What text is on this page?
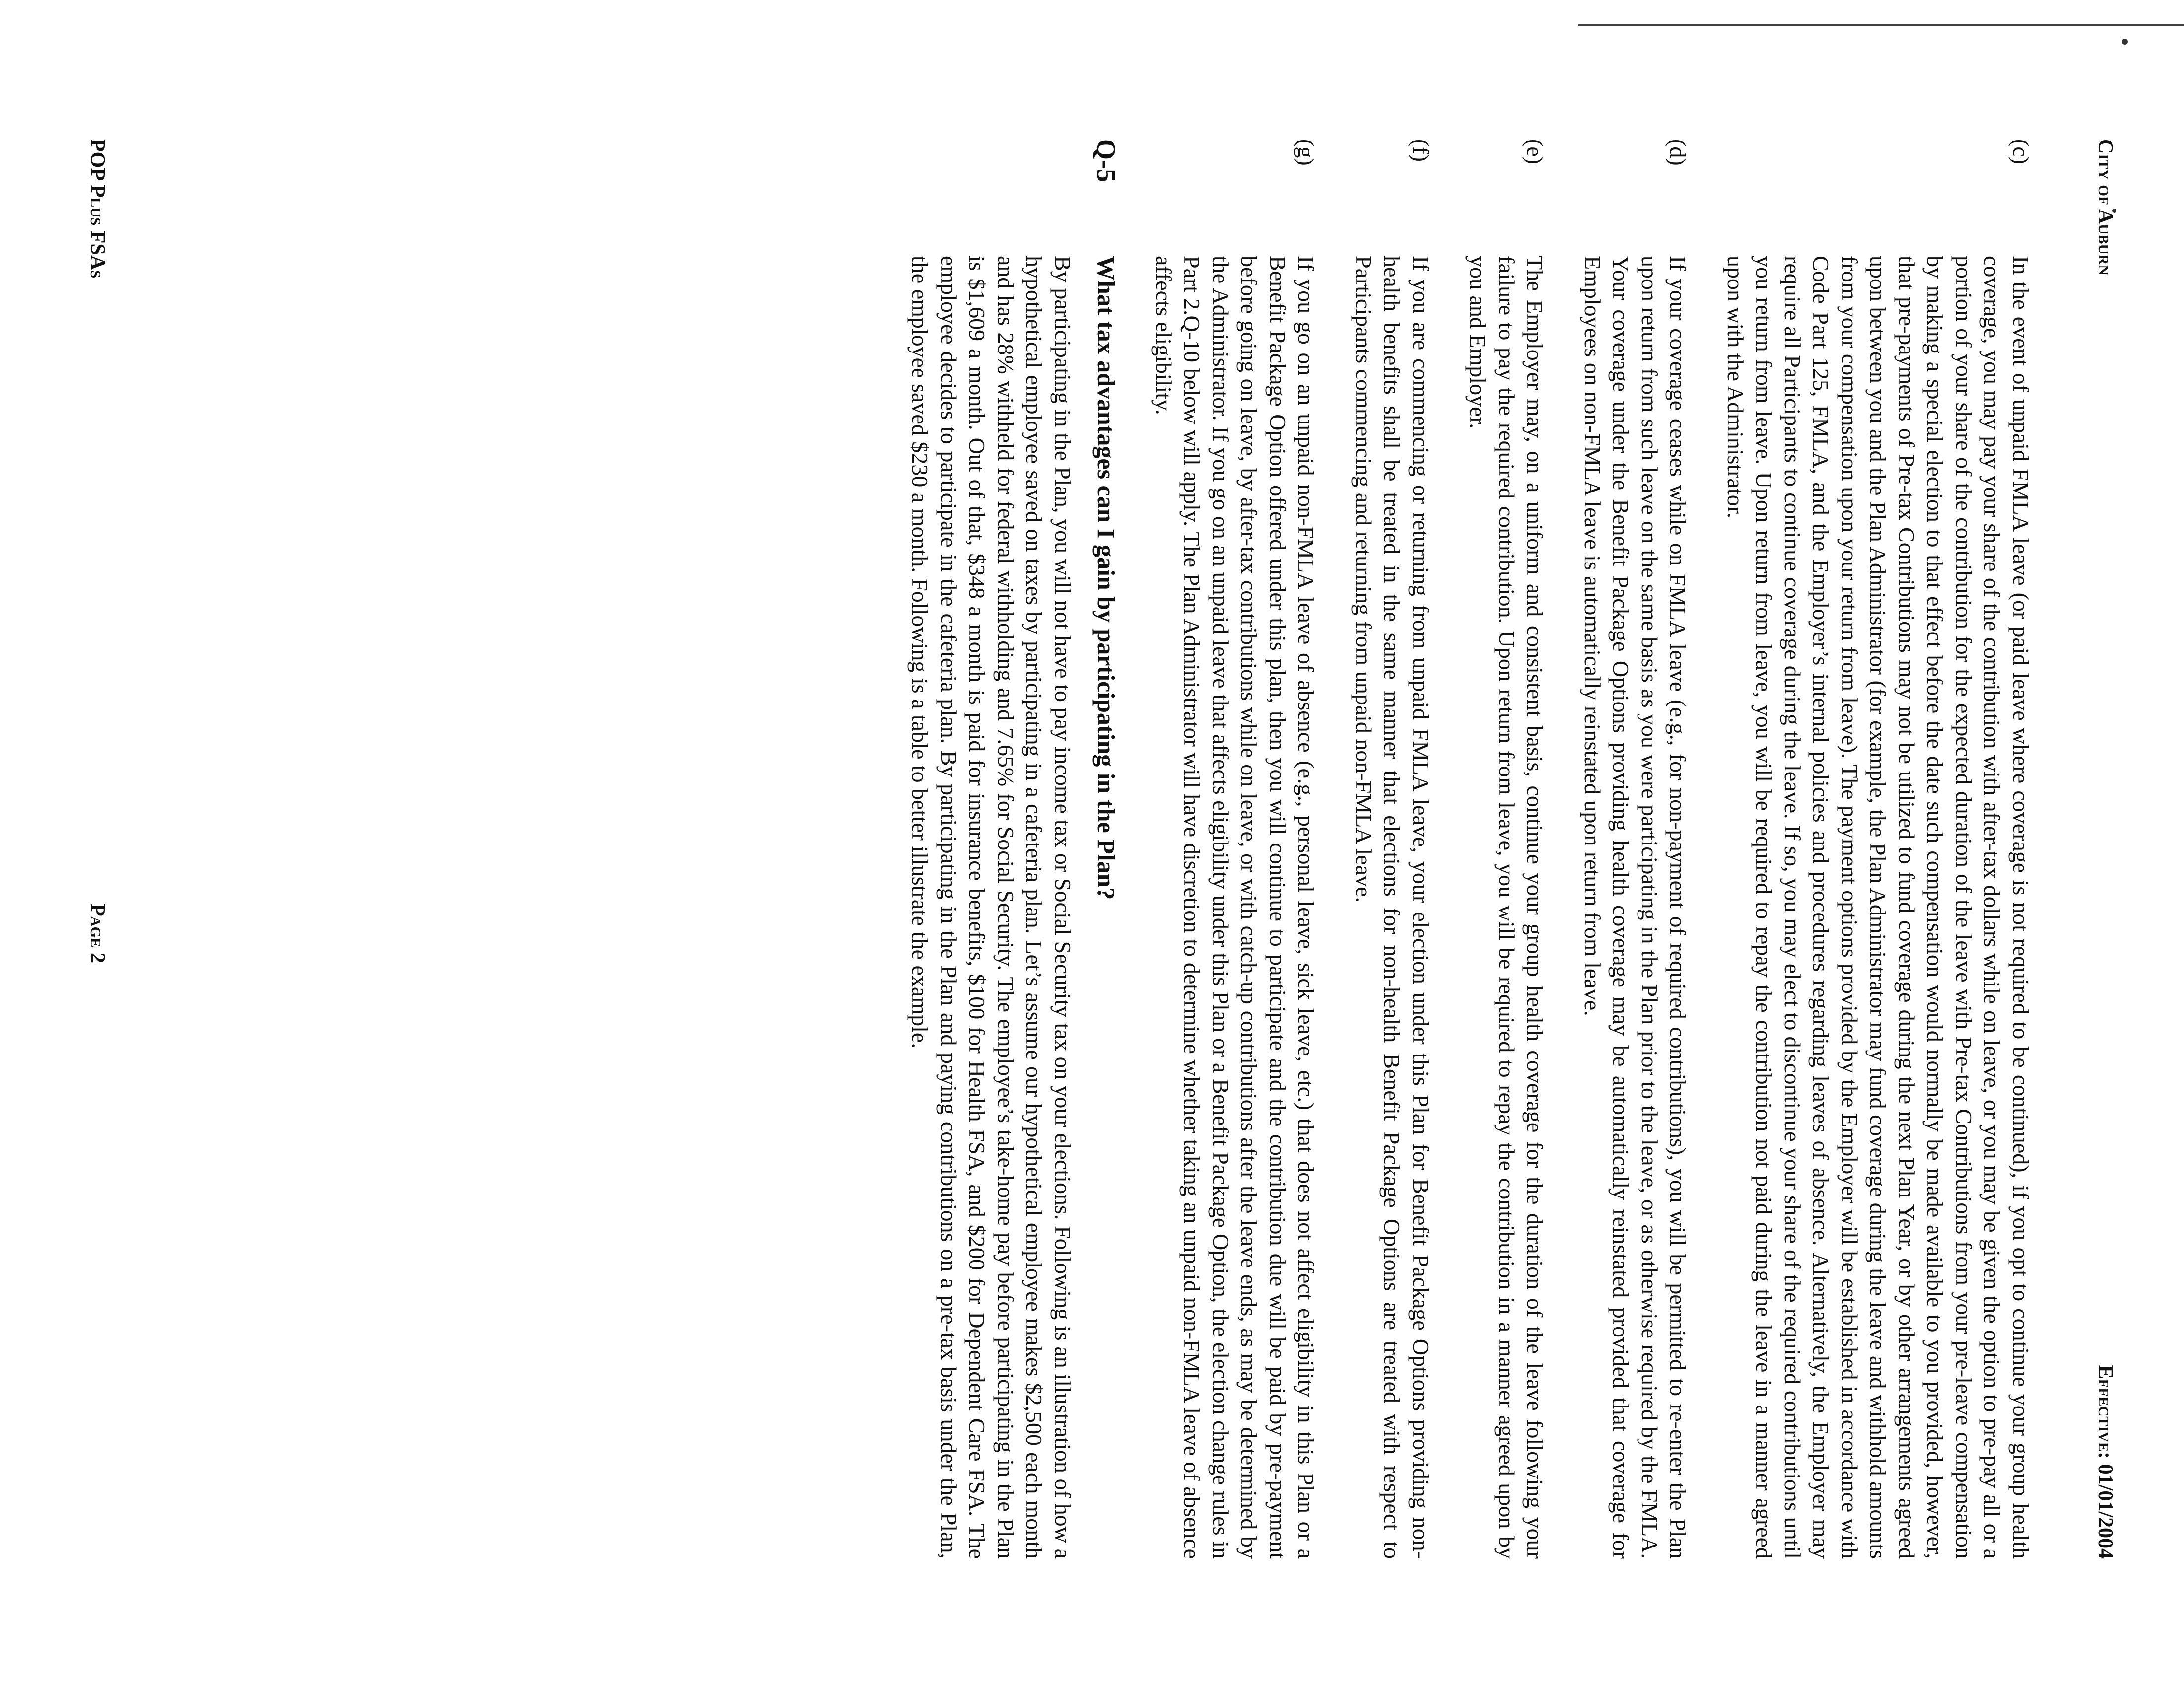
City of Auburn
Effective: 01/01/2004
(c)
In the event of unpaid FMLA leave (or paid leave where coverage is not required to be continued), if you opt to continue your group health coverage, you may pay your share of the contribution with after-tax dollars while on leave, or you may be given the option to pre-pay all or a portion of your share of the contribution for the expected duration of the leave with Pre-tax Contributions from your pre-leave compensation by making a special election to that effect before the date such compensation would normally be made available to you provided, however, that pre-payments of Pre-tax Contributions may not be utilized to fund coverage during the next Plan Year, or by other arrangements agreed upon between you and the Plan Administrator (for example, the Plan Administrator may fund coverage during the leave and withhold amounts from your compensation upon your return from leave). The payment options provided by the Employer will be established in accordance with Code Part 125, FMLA, and the Employer’s internal policies and procedures regarding leaves of absence. Alternatively, the Employer may require all Participants to continue coverage during the leave. If so, you may elect to discontinue your share of the required contributions until you return from leave. Upon return from leave, you will be required to repay the contribution not paid during the leave in a manner agreed upon with the Administrator.
(d)
If your coverage ceases while on FMLA leave (e.g., for non-payment of required contributions), you will be permitted to re-enter the Plan upon return from such leave on the same basis as you were participating in the Plan prior to the leave, or as otherwise required by the FMLA. Your coverage under the Benefit Package Options providing health coverage may be automatically reinstated provided that coverage for Employees on non-FMLA leave is automatically reinstated upon return from leave.
(e)
The Employer may, on a uniform and consistent basis, continue your group health coverage for the duration of the leave following your failure to pay the required contribution. Upon return from leave, you will be required to repay the contribution in a manner agreed upon by you and Employer.
(f)
If you are commencing or returning from unpaid FMLA leave, your election under this Plan for Benefit Package Options providing non-health benefits shall be treated in the same manner that elections for non-health Benefit Package Options are treated with respect to Participants commencing and returning from unpaid non-FMLA leave.
(g)
If you go on an unpaid non-FMLA leave of absence (e.g., personal leave, sick leave, etc.) that does not affect eligibility in this Plan or a Benefit Package Option offered under this plan, then you will continue to participate and the contribution due will be paid by pre-payment before going on leave, by after-tax contributions while on leave, or with catch-up contributions after the leave ends, as may be determined by the Administrator. If you go on an unpaid leave that affects eligibility under this Plan or a Benefit Package Option, the election change rules in Part 2.Q-10 below will apply. The Plan Administrator will have discretion to determine whether taking an unpaid non-FMLA leave of absence affects eligibility.
Q-5
What tax advantages can I gain by participating in the Plan?
By participating in the Plan, you will not have to pay income tax or Social Security tax on your elections. Following is an illustration of how a hypothetical employee saved on taxes by participating in a cafeteria plan. Let’s assume our hypothetical employee makes $2,500 each month and has 28% withheld for federal withholding and 7.65% for Social Security. The employee’s take-home pay before participating in the Plan is $1,609 a month. Out of that, $348 a month is paid for insurance benefits, $100 for Health FSA, and $200 for Dependent Care FSA. The employee decides to participate in the cafeteria plan. By participating in the Plan and paying contributions on a pre-tax basis under the Plan, the employee saved $230 a month. Following is a table to better illustrate the example.
POP Plus FSAs
Page 2
